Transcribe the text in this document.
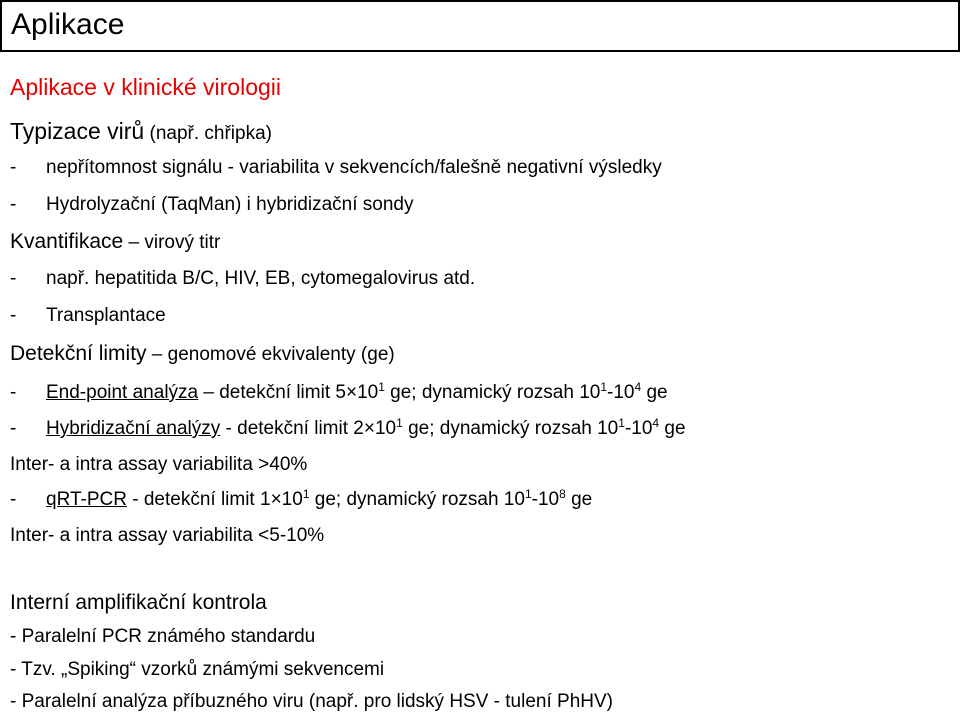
Aplikace
Aplikace v klinické virologii
Typizace virů (např. chřipka)
- nepřítomnost signálu - variabilita v sekvencích/falešně negativní výsledky
- Hydrolyzační (TaqMan) i hybridizační sondy
Kvantifikace – virový titr
- např. hepatitida B/C, HIV, EB, cytomegalovirus atd.
- Transplantace
Detekční limity – genomové ekvivalenty (ge)
- End-point analýza – detekční limit $5\times 10^1$ ge; dynamický rozsah $10^1-10^4$ ge
- Hybridizační analýzy - detekční limit $2\times 10^1$ ge; dynamický rozsah $10^1-10^4$ ge
Inter- a intra assay variabilita >40%
- qRT-PCR - detekční limit $1\times 10^1$ ge; dynamický rozsah $10^1-10^8$ ge
Inter- a intra assay variabilita <5-10%
Interní amplifikační kontrola
- Paralelní PCR známého standardu
- Tzv. „Spiking“ vzorků známými sekvencemi
- Paralelní analýza příbuzného viru (např. pro lidský HSV - tulení PhHV)
